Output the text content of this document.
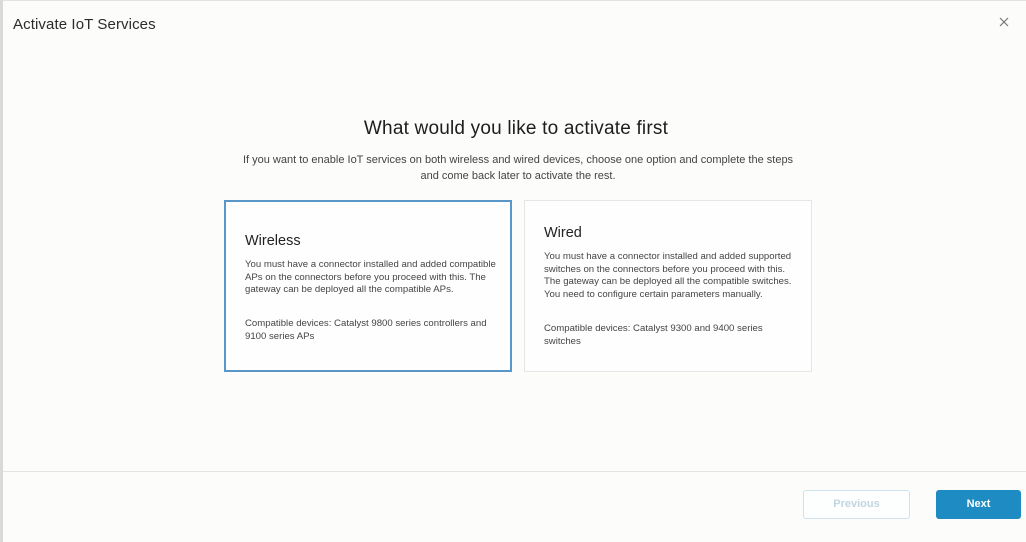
Activate IoT Services
What would you like to activate first
If you want to enable IoT services on both wireless and wired devices, choose one option and complete the steps and come back later to activate the rest.
Wireless
You must have a connector installed and added compatible APs on the connectors before you proceed with this. The gateway can be deployed all the compatible APs.
Compatible devices: Catalyst 9800 series controllers and 9100 series APs
Wired
You must have a connector installed and added supported switches on the connectors before you proceed with this. The gateway can be deployed all the compatible switches. You need to configure certain parameters manually.
Compatible devices: Catalyst 9300 and 9400 series switches
Previous	Next
